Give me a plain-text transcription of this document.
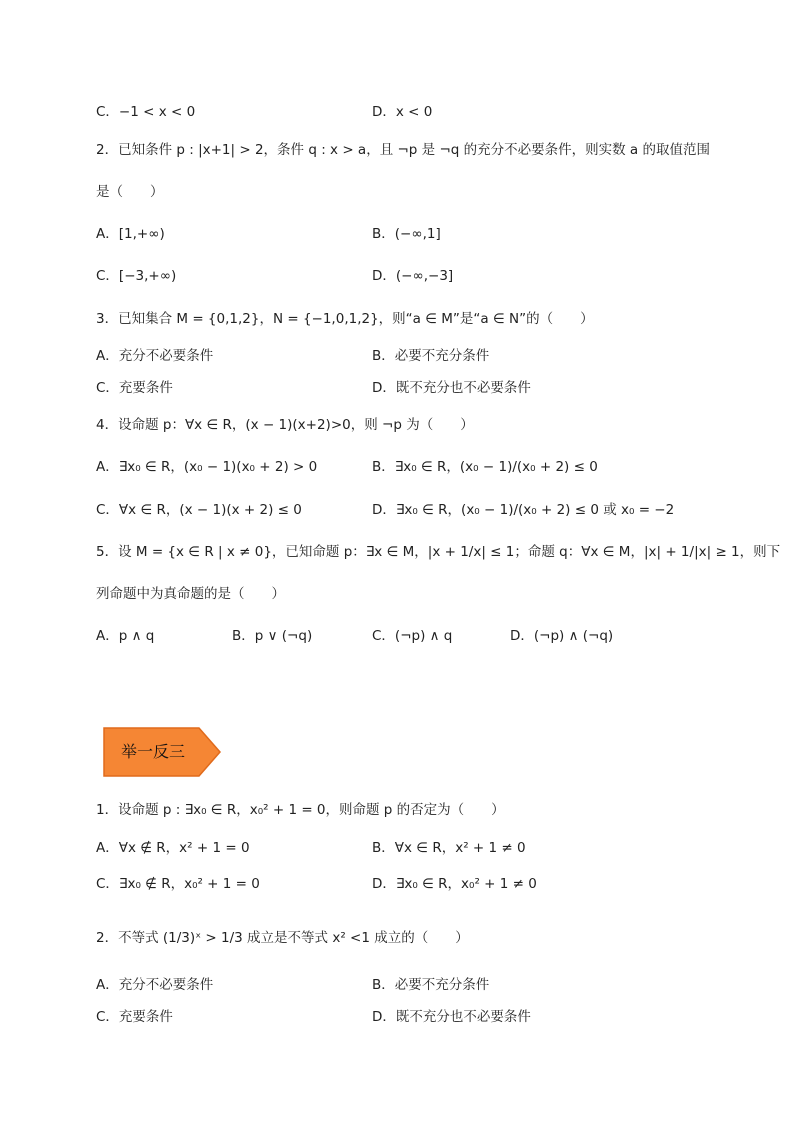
C．−1 < x < 0	D．x < 0
2．已知条件 p : |x+1| > 2，条件 q : x > a，且 ¬p 是 ¬q 的充分不必要条件，则实数 a 的取值范围
是（　　）
A．[1,+∞)	B．(−∞,1]
C．[−3,+∞)	D．(−∞,−3]
3．已知集合 M = {0,1,2}，N = {−1,0,1,2}，则“a ∈ M”是“a ∈ N”的（　　）
A．充分不必要条件	B．必要不充分条件
C．充要条件	D．既不充分也不必要条件
4．设命题 p：∀x ∈ R，(x − 1)(x+2)>0，则 ¬p 为（　　）
A．∃x₀ ∈ R，(x₀ − 1)(x₀ + 2) > 0	B．∃x₀ ∈ R，(x₀ − 1)/(x₀ + 2) ≤ 0
C．∀x ∈ R，(x − 1)(x + 2) ≤ 0	D．∃x₀ ∈ R，(x₀ − 1)/(x₀ + 2) ≤ 0 或 x₀ = −2
5．设 M = {x ∈ R | x ≠ 0}，已知命题 p：∃x ∈ M，|x + 1/x| ≤ 1；命题 q：∀x ∈ M，|x| + 1/|x| ≥ 1，则下
列命题中为真命题的是（　　）
A．p ∧ q	B．p ∨ (¬q)	C．(¬p) ∧ q	D．(¬p) ∧ (¬q)
举一反三
1．设命题 p : ∃x₀ ∈ R，x₀² + 1 = 0，则命题 p 的否定为（　　）
A．∀x ∉ R，x² + 1 = 0	B．∀x ∈ R，x² + 1 ≠ 0
C．∃x₀ ∉ R，x₀² + 1 = 0	D．∃x₀ ∈ R，x₀² + 1 ≠ 0
2．不等式 (1/3)ˣ > 1/3 成立是不等式 x² <1 成立的（　　）
A．充分不必要条件	B．必要不充分条件
C．充要条件	D．既不充分也不必要条件
